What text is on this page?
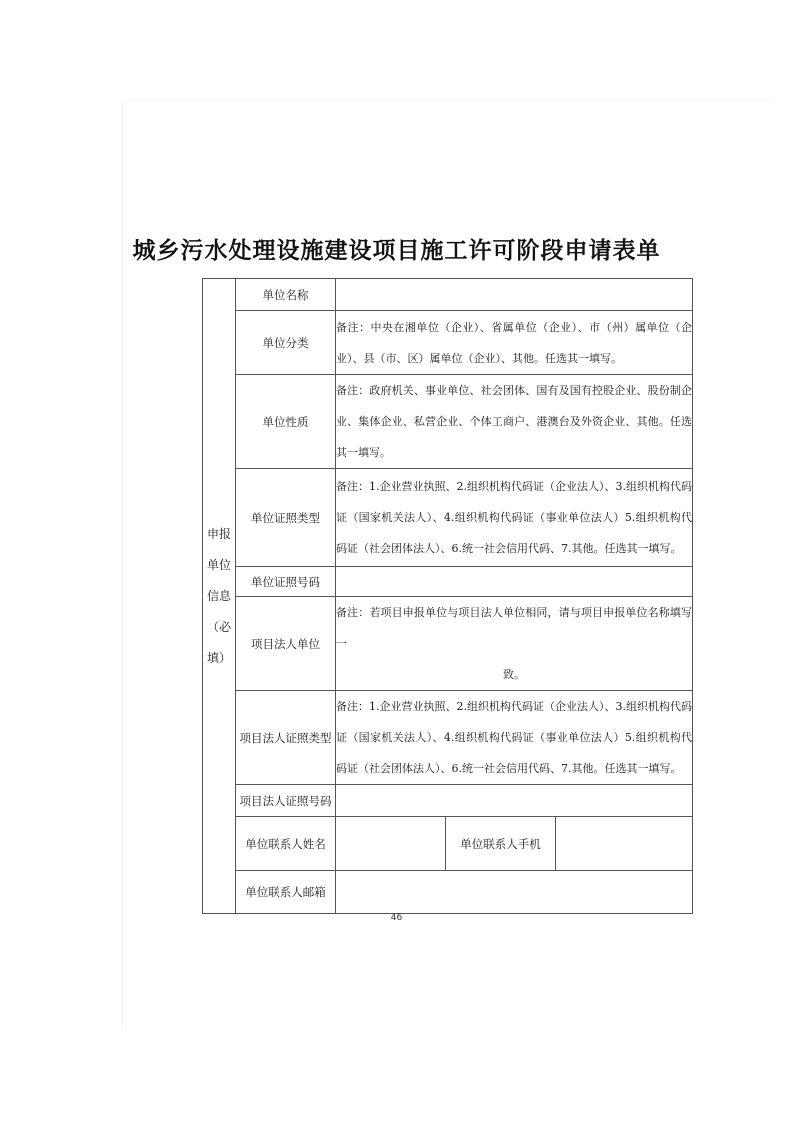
城乡污水处理设施建设项目施工许可阶段申请表单
申报
单位
信息
（必
填）	单位名称			
	单位分类	备注：中央在湘单位（企业）、省属单位（企业）、市（州）属单位（企业）、县（市、区）属单位（企业）、其他。任选其一填写。		
	单位性质	备注：政府机关、事业单位、社会团体、国有及国有控股企业、股份制企业、集体企业、私营企业、个体工商户、港澳台及外资企业、其他。任选其一填写。		
	单位证照类型	备注：1.企业营业执照、2.组织机构代码证（企业法人）、3.组织机构代码证（国家机关法人）、4.组织机构代码证（事业单位法人）5.组织机构代码证（社会团体法人）、6.统一社会信用代码、7.其他。任选其一填写。		
	单位证照号码			
	项目法人单位	备注：若项目申报单位与项目法人单位相同，请与项目申报单位名称填写一
致。		

	项目法人证照类型	备注：1.企业营业执照、2.组织机构代码证（企业法人）、3.组织机构代码证（国家机关法人）、4.组织机构代码证（事业单位法人）5.组织机构代码证（社会团体法人）、6.统一社会信用代码、7.其他。任选其一填写。		
	项目法人证照号码			
	单位联系人姓名		单位联系人手机	
	单位联系人邮箱			
46
